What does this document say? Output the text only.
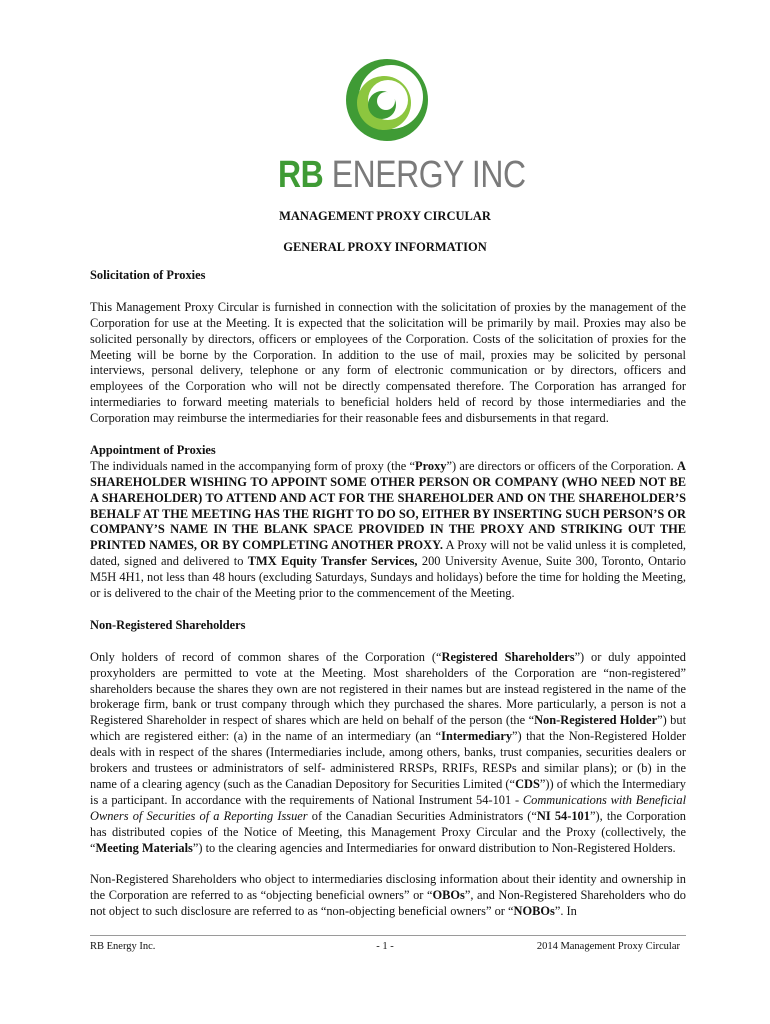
RB ENERGY INC
MANAGEMENT PROXY CIRCULAR
GENERAL PROXY INFORMATION
Solicitation of Proxies

This Management Proxy Circular is furnished in connection with the solicitation of proxies by the management of the Corporation for use at the Meeting. It is expected that the solicitation will be primarily by mail. Proxies may also be solicited personally by directors, officers or employees of the Corporation. Costs of the solicitation of proxies for the Meeting will be borne by the Corporation. In addition to the use of mail, proxies may be solicited by personal interviews, personal delivery, telephone or any form of electronic communication or by directors, officers and employees of the Corporation who will not be directly compensated therefore. The Corporation has arranged for intermediaries to forward meeting materials to beneficial holders held of record by those intermediaries and the Corporation may reimburse the intermediaries for their reasonable fees and disbursements in that regard.

Appointment of Proxies

The individuals named in the accompanying form of proxy (the “Proxy”) are directors or officers of the Corporation. A SHAREHOLDER WISHING TO APPOINT SOME OTHER PERSON OR COMPANY (WHO NEED NOT BE A SHAREHOLDER) TO ATTEND AND ACT FOR THE SHAREHOLDER AND ON THE SHAREHOLDER’S BEHALF AT THE MEETING HAS THE RIGHT TO DO SO, EITHER BY INSERTING SUCH PERSON’S OR COMPANY’S NAME IN THE BLANK SPACE PROVIDED IN THE PROXY AND STRIKING OUT THE PRINTED NAMES, OR BY COMPLETING ANOTHER PROXY. A Proxy will not be valid unless it is completed, dated, signed and delivered to TMX Equity Transfer Services, 200 University Avenue, Suite 300, Toronto, Ontario M5H 4H1, not less than 48 hours (excluding Saturdays, Sundays and holidays) before the time for holding the Meeting, or is delivered to the chair of the Meeting prior to the commencement of the Meeting.

Non-Registered Shareholders

Only holders of record of common shares of the Corporation (“Registered Shareholders”) or duly appointed proxyholders are permitted to vote at the Meeting. Most shareholders of the Corporation are “non-registered” shareholders because the shares they own are not registered in their names but are instead registered in the name of the brokerage firm, bank or trust company through which they purchased the shares. More particularly, a person is not a Registered Shareholder in respect of shares which are held on behalf of the person (the “Non-Registered Holder”) but which are registered either: (a) in the name of an intermediary (an “Intermediary”) that the Non-Registered Holder deals with in respect of the shares (Intermediaries include, among others, banks, trust companies, securities dealers or brokers and trustees or administrators of self- administered RRSPs, RRIFs, RESPs and similar plans); or (b) in the name of a clearing agency (such as the Canadian Depository for Securities Limited (“CDS”)) of which the Intermediary is a participant. In accordance with the requirements of National Instrument 54-101 - Communications with Beneficial Owners of Securities of a Reporting Issuer of the Canadian Securities Administrators (“NI 54-101”), the Corporation has distributed copies of the Notice of Meeting, this Management Proxy Circular and the Proxy (collectively, the “Meeting Materials”) to the clearing agencies and Intermediaries for onward distribution to Non-Registered Holders.

Non-Registered Shareholders who object to intermediaries disclosing information about their identity and ownership in the Corporation are referred to as “objecting beneficial owners” or “OBOs”, and Non-Registered Shareholders who do not object to such disclosure are referred to as “non-objecting beneficial owners” or “NOBOs”. In

RB Energy Inc.	- 1 -	2014 Management Proxy Circular
